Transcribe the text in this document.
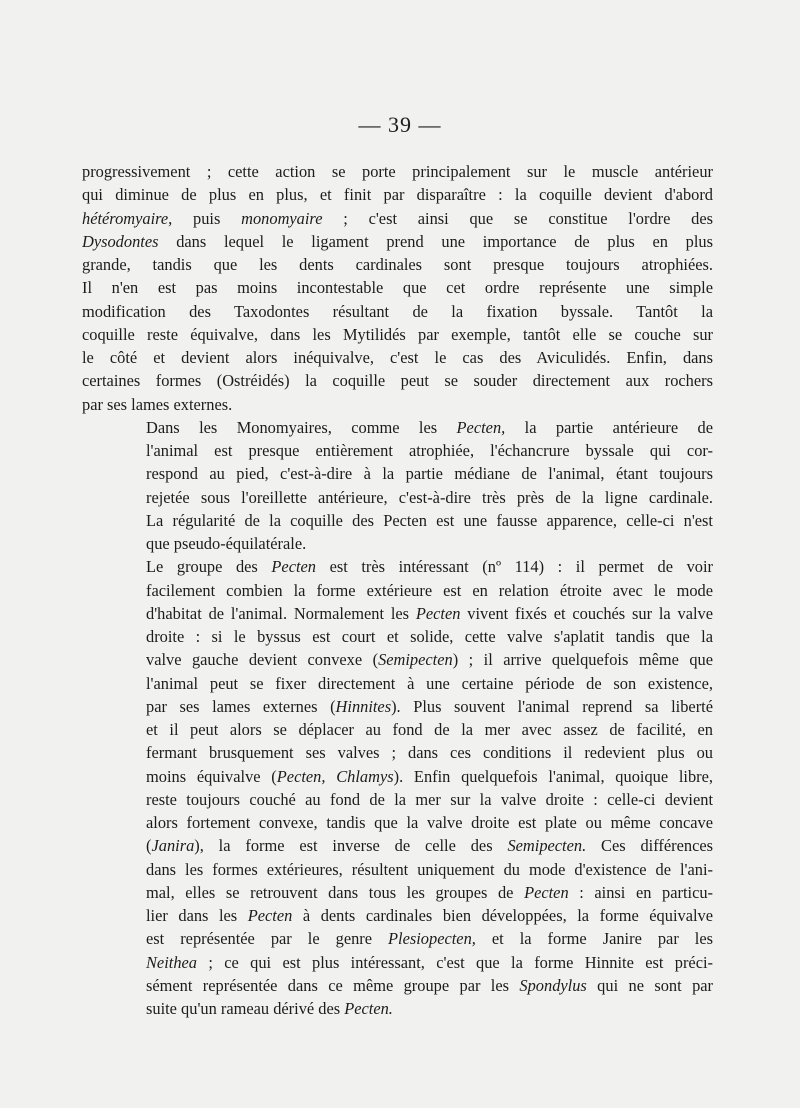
— 39 —

progressivement ; cette action se porte principalement sur le muscle antérieur
qui diminue de plus en plus, et finit par disparaître : la coquille devient d'abord
hétéromyaire, puis monomyaire ; c'est ainsi que se constitue l'ordre des
Dysodontes dans lequel le ligament prend une importance de plus en plus
grande, tandis que les dents cardinales sont presque toujours atrophiées.
Il n'en est pas moins incontestable que cet ordre représente une simple
modification des Taxodontes résultant de la fixation byssale. Tantôt la
coquille reste équivalve, dans les Mytilidés par exemple, tantôt elle se couche sur
le côté et devient alors inéquivalve, c'est le cas des Aviculidés. Enfin, dans
certaines formes (Ostréidés) la coquille peut se souder directement aux rochers
par ses lames externes.

Dans les Monomyaires, comme les Pecten, la partie antérieure de
l'animal est presque entièrement atrophiée, l'échancrure byssale qui cor-
respond au pied, c'est-à-dire à la partie médiane de l'animal, étant toujours
rejetée sous l'oreillette antérieure, c'est-à-dire très près de la ligne cardinale.
La régularité de la coquille des Pecten est une fausse apparence, celle-ci n'est
que pseudo-équilatérale.

Le groupe des Pecten est très intéressant (nº 114) : il permet de voir
facilement combien la forme extérieure est en relation étroite avec le mode
d'habitat de l'animal. Normalement les Pecten vivent fixés et couchés sur la valve
droite : si le byssus est court et solide, cette valve s'aplatit tandis que la
valve gauche devient convexe (Semipecten) ; il arrive quelquefois même que
l'animal peut se fixer directement à une certaine période de son existence,
par ses lames externes (Hinnites). Plus souvent l'animal reprend sa liberté
et il peut alors se déplacer au fond de la mer avec assez de facilité, en
fermant brusquement ses valves ; dans ces conditions il redevient plus ou
moins équivalve (Pecten, Chlamys). Enfin quelquefois l'animal, quoique libre,
reste toujours couché au fond de la mer sur la valve droite : celle-ci devient
alors fortement convexe, tandis que la valve droite est plate ou même concave
(Janira), la forme est inverse de celle des Semipecten. Ces différences
dans les formes extérieures, résultent uniquement du mode d'existence de l'ani-
mal, elles se retrouvent dans tous les groupes de Pecten : ainsi en particu-
lier dans les Pecten à dents cardinales bien développées, la forme équivalve
est représentée par le genre Plesiopecten, et la forme Janire par les
Neithea ; ce qui est plus intéressant, c'est que la forme Hinnite est préci-
sément représentée dans ce même groupe par les Spondylus qui ne sont par
suite qu'un rameau dérivé des Pecten.
